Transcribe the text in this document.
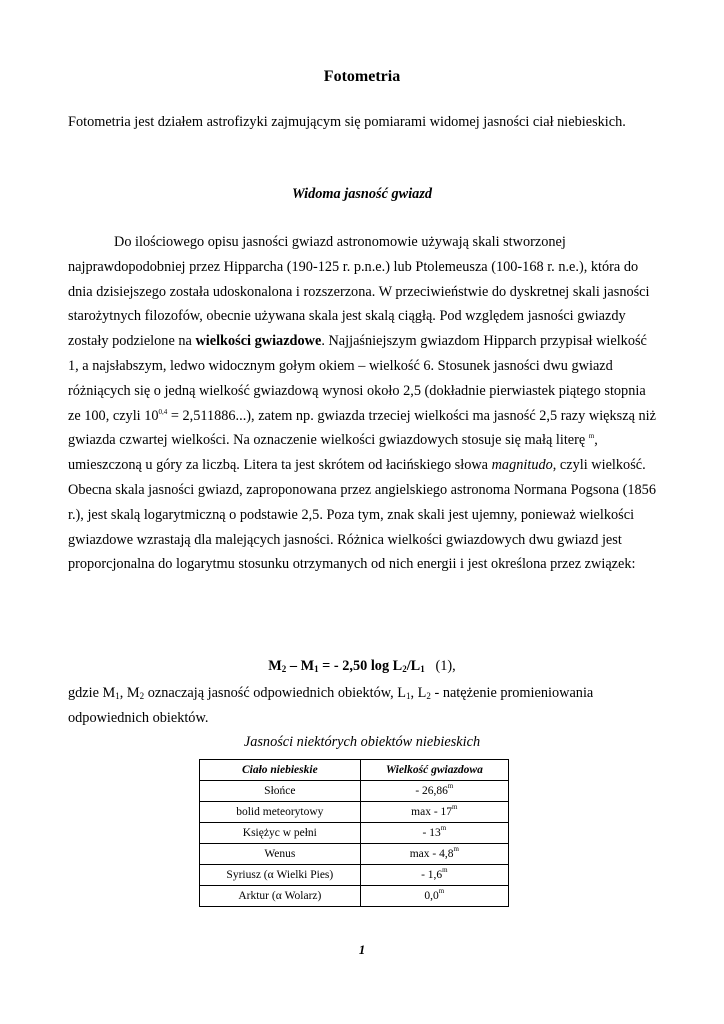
Fotometria
Fotometria jest działem astrofizyki zajmującym się pomiarami widomej jasności ciał niebieskich.
Widoma jasność gwiazd

Do ilościowego opisu jasności gwiazd astronomowie używają skali stworzonej najprawdopodobniej przez Hipparcha (190-125 r. p.n.e.) lub Ptolemeusza (100-168 r. n.e.), która do dnia dzisiejszego została udoskonalona i rozszerzona. W przeciwieństwie do dyskretnej skali jasności starożytnych filozofów, obecnie używana skala jest skalą ciągłą. Pod względem jasności gwiazdy zostały podzielone na wielkości gwiazdowe. Najjaśniejszym gwiazdom Hipparch przypisał wielkość 1, a najsłabszym, ledwo widocznym gołym okiem – wielkość 6. Stosunek jasności dwu gwiazd różniących się o jedną wielkość gwiazdową wynosi około 2,5 (dokładnie pierwiastek piątego stopnia ze 100, czyli $10^{0,4} = 2,511886$...), zatem np. gwiazda trzeciej wielkości ma jasność 2,5 razy większą niż gwiazda czwartej wielkości. Na oznaczenie wielkości gwiazdowych stosuje się małą literę $^m$, umieszczoną u góry za liczbą. Litera ta jest skrótem od łacińskiego słowa magnitudo, czyli wielkość.

Obecna skala jasności gwiazd, zaproponowana przez angielskiego astronoma Normana Pogsona (1856 r.), jest skalą logarytmiczną o podstawie 2,5. Poza tym, znak skali jest ujemny, ponieważ wielkości gwiazdowe wzrastają dla malejących jasności. Różnica wielkości gwiazdowych dwu gwiazd jest proporcjonalna do logarytmu stosunku otrzymanych od nich energii i jest określona przez związek:

$M_2 - M_1$ = - 2,50 $\log L_2/L_1$   (1),
gdzie $M_1$, $M_2$ oznaczają jasność odpowiednich obiektów, $L_1$, $L_2$ - natężenie promieniowania odpowiednich obiektów.
Jasności niektórych obiektów niebieskich
Ciało niebieskie	Wielkość gwiazdowa
Słońce	- 26,86$^m$
bolid meteorytowy	max - 17$^m$
Księżyc w pełni	- 13$^m$
Wenus	max - 4,8$^m$
Syriusz (α Wielki Pies)	- 1,6$^m$
Arktur (α Wolarz)	0,0$^m$
1
